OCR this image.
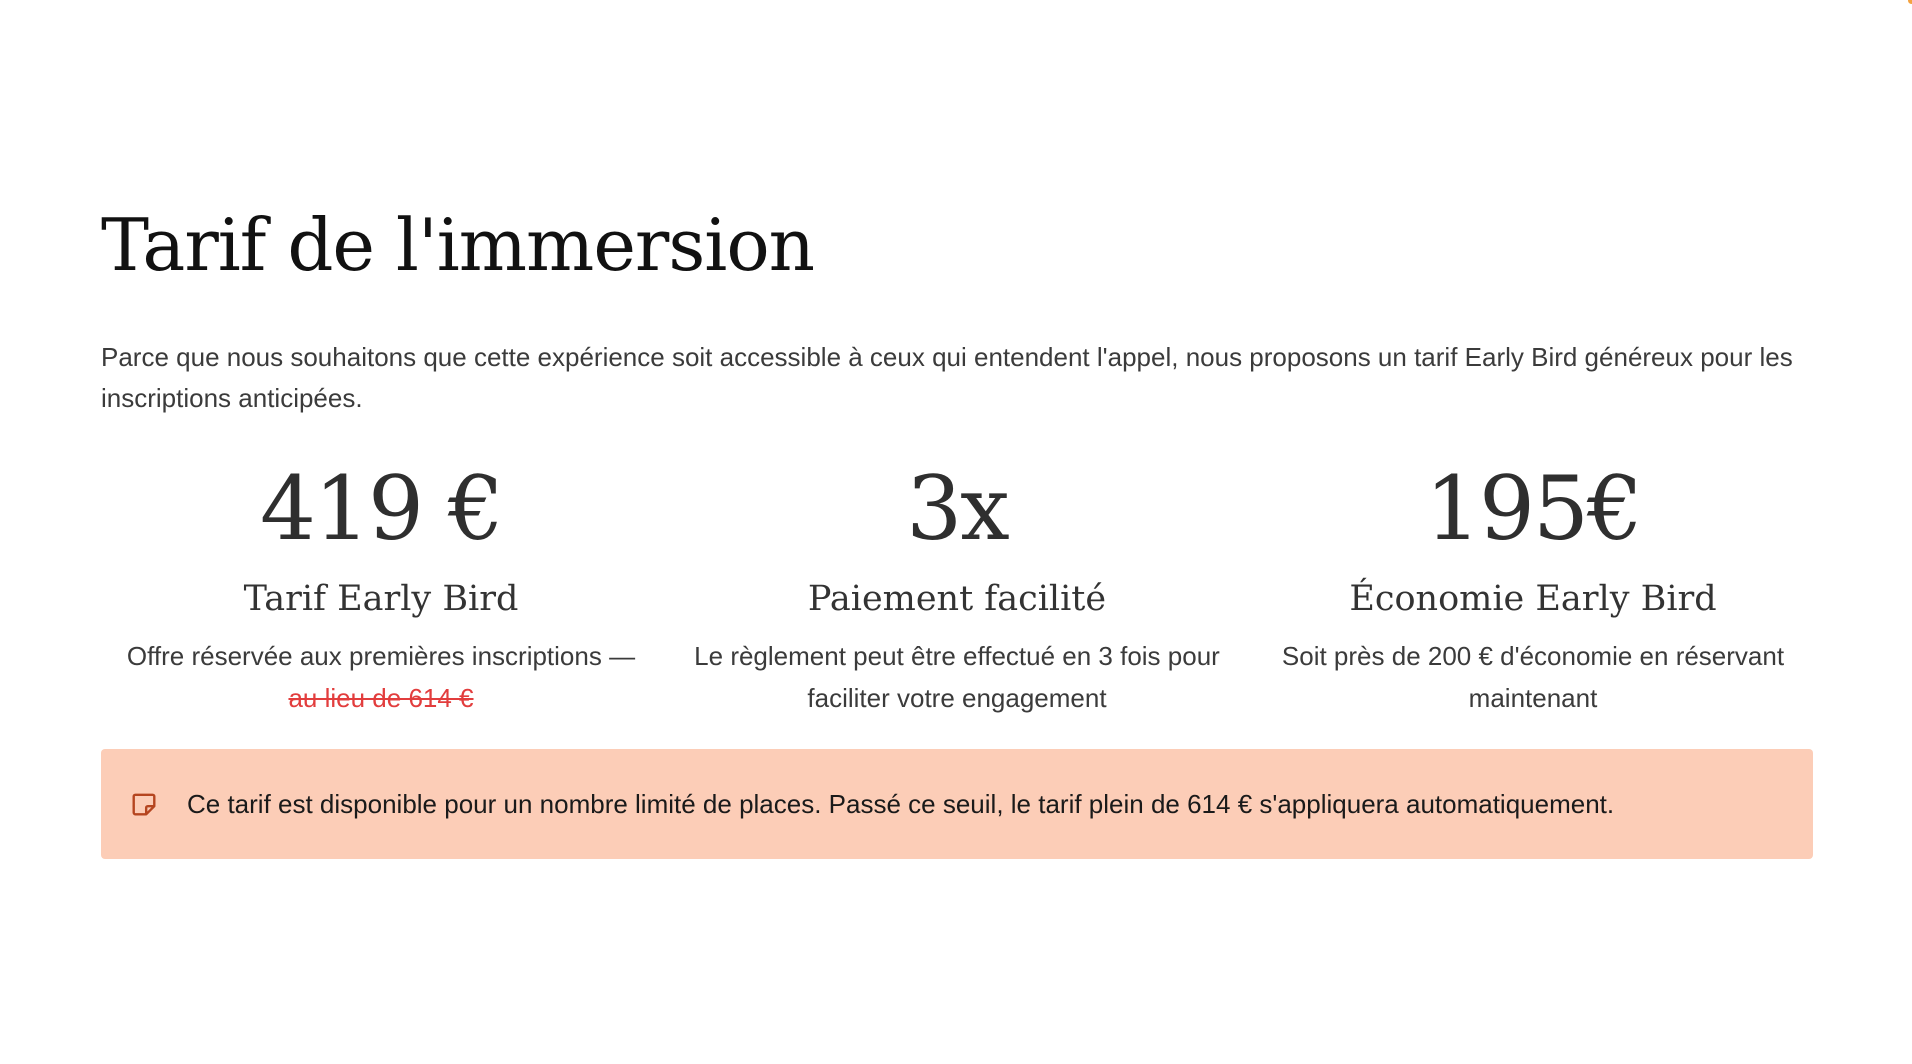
Tarif de l'immersion

Parce que nous souhaitons que cette expérience soit accessible à ceux qui entendent l'appel, nous proposons un tarif Early Bird généreux pour les inscriptions anticipées.

419 €
Tarif Early Bird
Offre réservée aux premières inscriptions —
au lieu de 614 €
3x
Paiement facilité
Le règlement peut être effectué en 3 fois pour faciliter votre engagement
195€
Économie Early Bird
Soit près de 200 € d'économie en réservant maintenant
Ce tarif est disponible pour un nombre limité de places. Passé ce seuil, le tarif plein de 614 € s'appliquera automatiquement.
